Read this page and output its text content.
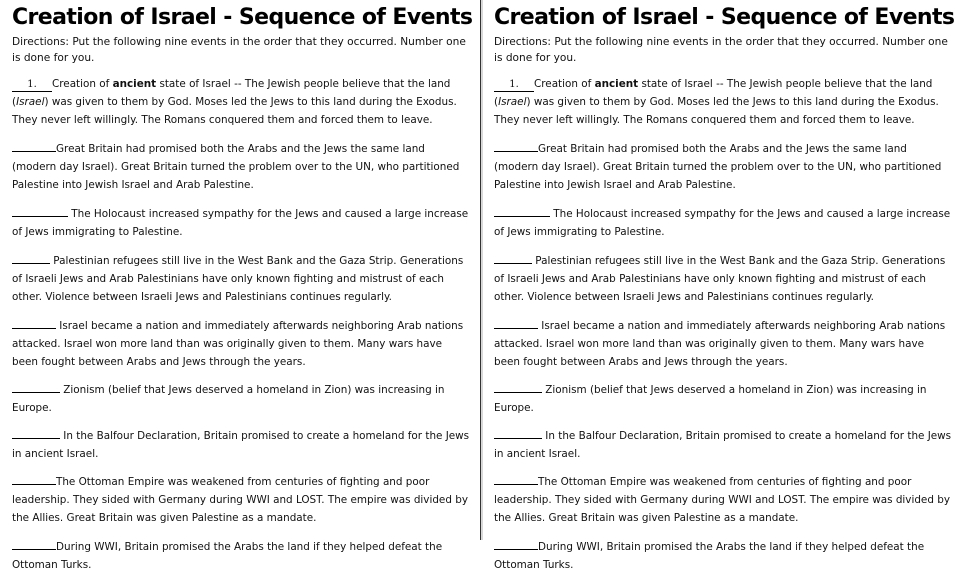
Creation of Israel - Sequence of Events

Directions: Put the following nine events in the order that they occurred. Number one is done for you.

1. Creation of ancient state of Israel -- The Jewish people believe that the land (Israel) was given to them by God. Moses led the Jews to this land during the Exodus. They never left willingly. The Romans conquered them and forced them to leave.

Great Britain had promised both the Arabs and the Jews the same land (modern day Israel). Great Britain turned the problem over to the UN, who partitioned Palestine into Jewish Israel and Arab Palestine.

The Holocaust increased sympathy for the Jews and caused a large increase of Jews immigrating to Palestine.

Palestinian refugees still live in the West Bank and the Gaza Strip. Generations of Israeli Jews and Arab Palestinians have only known fighting and mistrust of each other. Violence between Israeli Jews and Palestinians continues regularly.

Israel became a nation and immediately afterwards neighboring Arab nations attacked. Israel won more land than was originally given to them. Many wars have been fought between Arabs and Jews through the years.

Zionism (belief that Jews deserved a homeland in Zion) was increasing in Europe.

In the Balfour Declaration, Britain promised to create a homeland for the Jews in ancient Israel.

The Ottoman Empire was weakened from centuries of fighting and poor leadership. They sided with Germany during WWI and LOST. The empire was divided by the Allies. Great Britain was given Palestine as a mandate.

During WWI, Britain promised the Arabs the land if they helped defeat the Ottoman Turks.

Creation of Israel - Sequence of Events

Directions: Put the following nine events in the order that they occurred. Number one is done for you.

1. Creation of ancient state of Israel -- The Jewish people believe that the land (Israel) was given to them by God. Moses led the Jews to this land during the Exodus. They never left willingly. The Romans conquered them and forced them to leave.

Great Britain had promised both the Arabs and the Jews the same land (modern day Israel). Great Britain turned the problem over to the UN, who partitioned Palestine into Jewish Israel and Arab Palestine.

The Holocaust increased sympathy for the Jews and caused a large increase of Jews immigrating to Palestine.

Palestinian refugees still live in the West Bank and the Gaza Strip. Generations of Israeli Jews and Arab Palestinians have only known fighting and mistrust of each other. Violence between Israeli Jews and Palestinians continues regularly.

Israel became a nation and immediately afterwards neighboring Arab nations attacked. Israel won more land than was originally given to them. Many wars have been fought between Arabs and Jews through the years.

Zionism (belief that Jews deserved a homeland in Zion) was increasing in Europe.

In the Balfour Declaration, Britain promised to create a homeland for the Jews in ancient Israel.

The Ottoman Empire was weakened from centuries of fighting and poor leadership. They sided with Germany during WWI and LOST. The empire was divided by the Allies. Great Britain was given Palestine as a mandate.

During WWI, Britain promised the Arabs the land if they helped defeat the Ottoman Turks.
